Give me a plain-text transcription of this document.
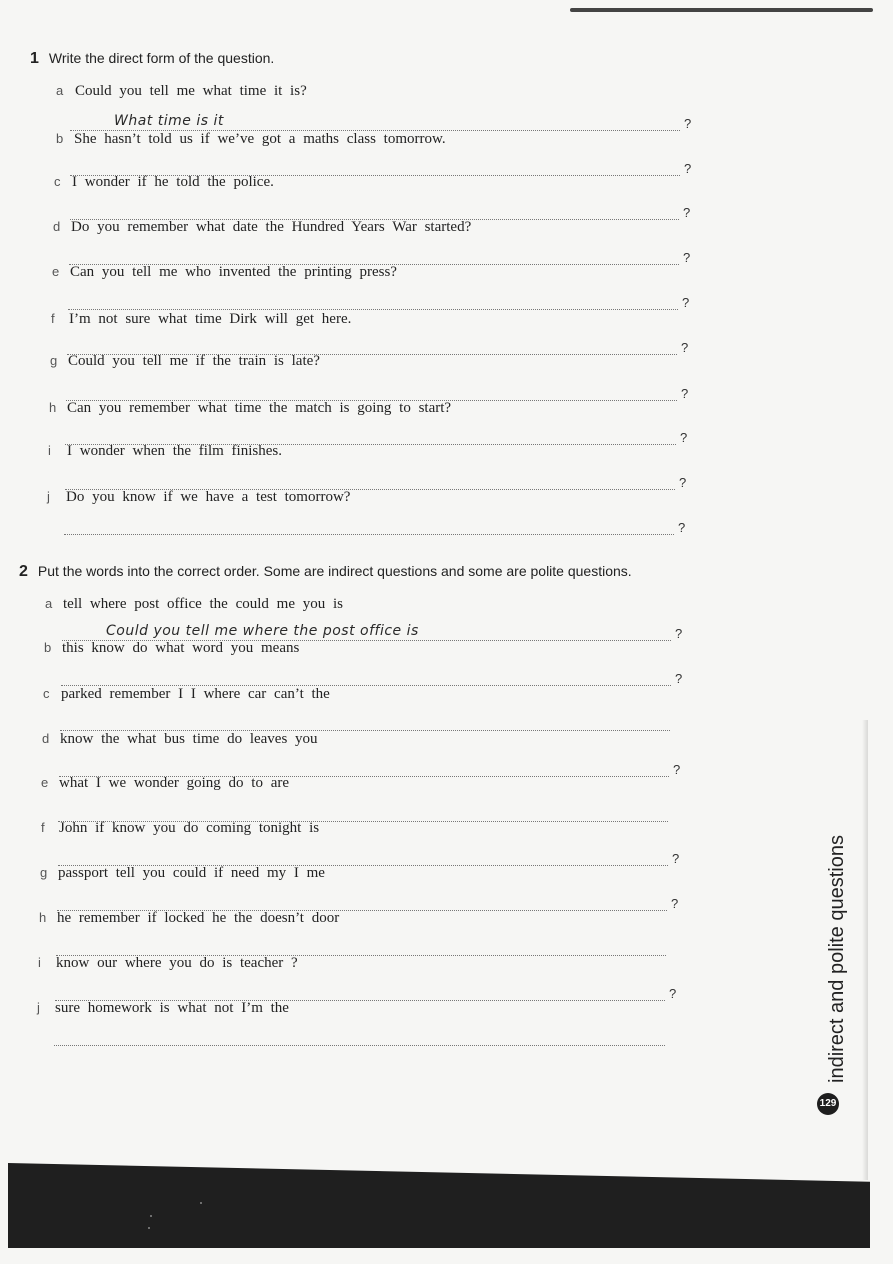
1 Write the direct form of the question.
a Could you tell me what time it is?
What time is it	?
b She hasn’t told us if we’ve got a maths class tomorrow.
?
c I wonder if he told the police.
?
d Do you remember what date the Hundred Years War started?
?
e Can you tell me who invented the printing press?
?
f I’m not sure what time Dirk will get here.
?
g Could you tell me if the train is late?
?
h Can you remember what time the match is going to start?
?
i I wonder when the film finishes.
?
j Do you know if we have a test tomorrow?
?
2 Put the words into the correct order. Some are indirect questions and some are polite questions.
a tell where post office the could me you is
Could you tell me where the post office is	?
b this know do what word you means
?
c parked remember I I where car can’t the
d know the what bus time do leaves you
?
e what I we wonder going do to are
f John if know you do coming tonight is
?
g passport tell you could if need my I me
?
h he remember if locked he the doesn’t door
i know our where you do is teacher ?
?
j sure homework is what not I’m the	indirect and polite questions
129
